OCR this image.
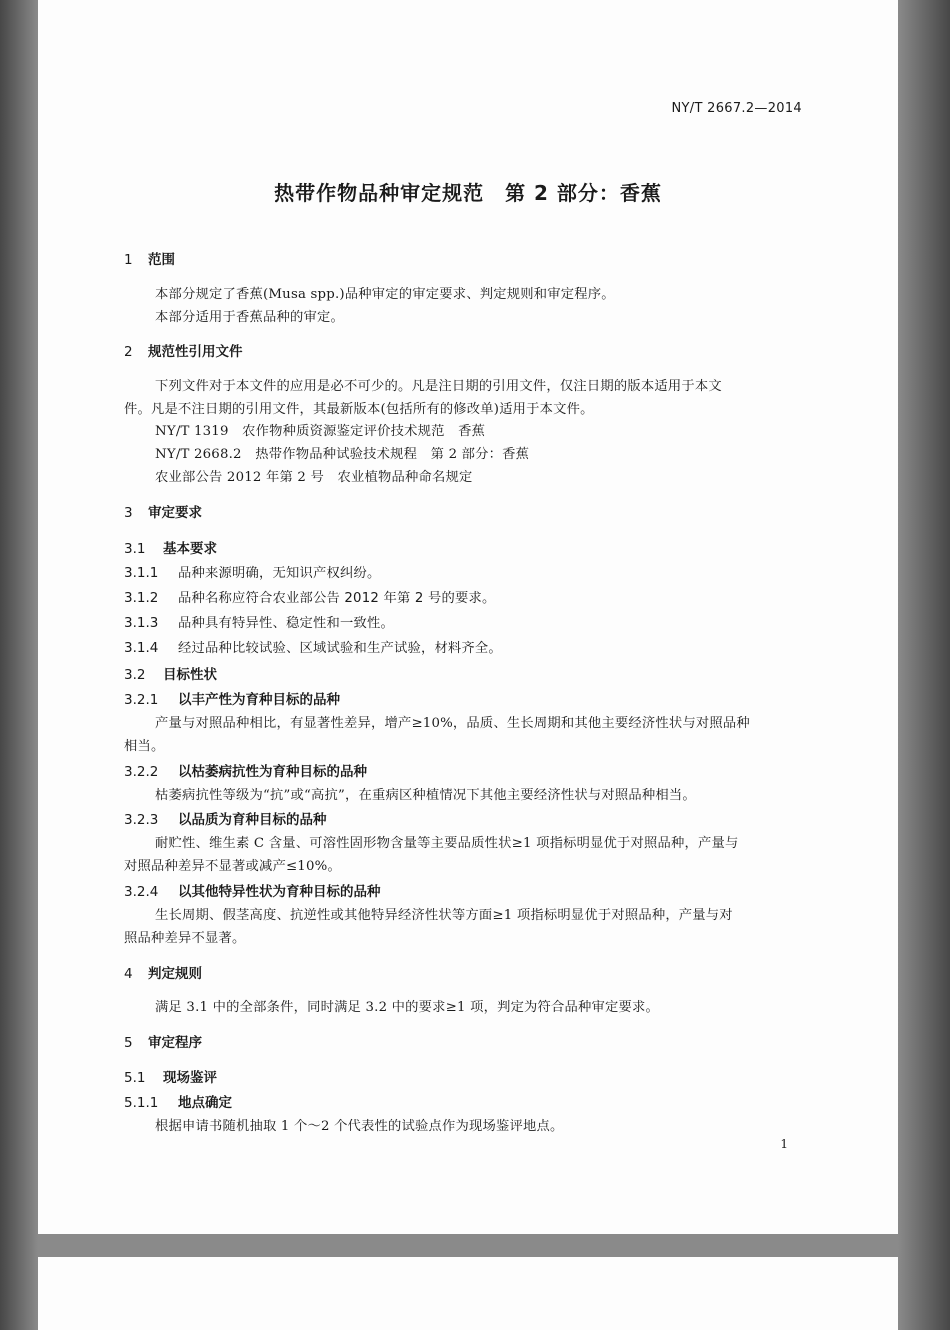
NY/T 2667.2—2014
热带作物品种审定规范　第 2 部分：香蕉
1 范围
本部分规定了香蕉(Musa spp.)品种审定的审定要求、判定规则和审定程序。
本部分适用于香蕉品种的审定。
2 规范性引用文件
下列文件对于本文件的应用是必不可少的。凡是注日期的引用文件，仅注日期的版本适用于本文
件。凡是不注日期的引用文件，其最新版本(包括所有的修改单)适用于本文件。
NY/T 1319　农作物种质资源鉴定评价技术规范　香蕉
NY/T 2668.2　热带作物品种试验技术规程　第 2 部分：香蕉
农业部公告 2012 年第 2 号　农业植物品种命名规定
3 审定要求
3.1 基本要求
3.1.1 品种来源明确，无知识产权纠纷。
3.1.2 品种名称应符合农业部公告 2012 年第 2 号的要求。
3.1.3 品种具有特异性、稳定性和一致性。
3.1.4 经过品种比较试验、区域试验和生产试验，材料齐全。
3.2 目标性状
3.2.1 以丰产性为育种目标的品种
产量与对照品种相比，有显著性差异，增产≥10%，品质、生长周期和其他主要经济性状与对照品种
相当。
3.2.2 以枯萎病抗性为育种目标的品种
枯萎病抗性等级为“抗”或“高抗”，在重病区种植情况下其他主要经济性状与对照品种相当。
3.2.3 以品质为育种目标的品种
耐贮性、维生素 C 含量、可溶性固形物含量等主要品质性状≥1 项指标明显优于对照品种，产量与
对照品种差异不显著或减产≤10%。
3.2.4 以其他特异性状为育种目标的品种
生长周期、假茎高度、抗逆性或其他特异经济性状等方面≥1 项指标明显优于对照品种，产量与对
照品种差异不显著。
4 判定规则
满足 3.1 中的全部条件，同时满足 3.2 中的要求≥1 项，判定为符合品种审定要求。
5 审定程序
5.1 现场鉴评
5.1.1 地点确定
根据申请书随机抽取 1 个～2 个代表性的试验点作为现场鉴评地点。
1
